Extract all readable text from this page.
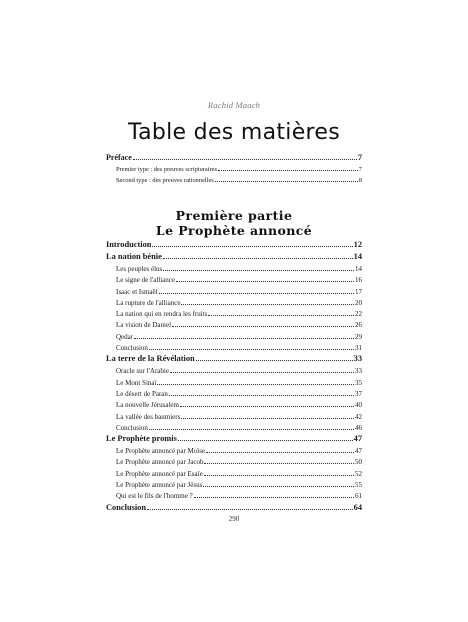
Rachid Maach
Table des matières
Préface	7
Premier type : des preuves scripturaires	7
Second type : des preuves rationnelles	8
Première partie
Le Prophète annoncé
Introduction	12
La nation bénie	14
Les peuples élus	14
Le signe de l'alliance	16
Isaac et Ismaël	17
La rupture de l'alliance	20
La nation qui en rendra les fruits	22
La vision de Daniel	26
Qedar	29
Conclusion	31
La terre de la Révélation	33
Oracle sur l'Arabie	33
Le Mont Sinaï	35
Le désert de Paran	37
La nouvelle Jérusalem	40
La vallée des baumiers	42
Conclusion	46
Le Prophète promis	47
Le Prophète annoncé par Moïse	47
Le Prophète annoncé par Jacob	50
Le Prophète annoncé par Esaïe	52
Le Prophète annoncé par Jésus	55
Qui est le fils de l'homme ?	61
Conclusion	64
290
